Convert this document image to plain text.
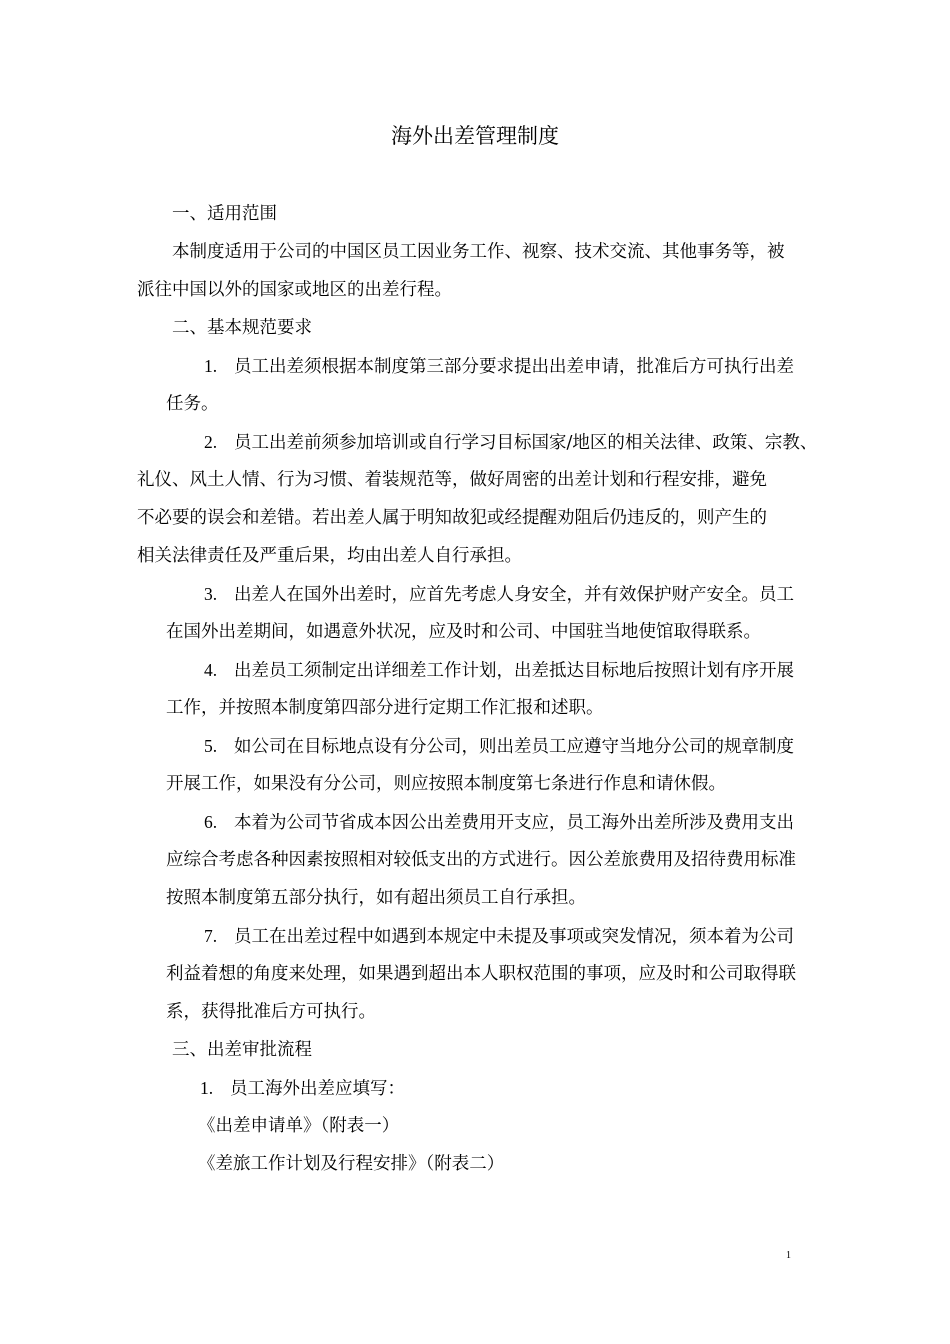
海外出差管理制度
一、适用范围
本制度适用于公司的中国区员工因业务工作、视察、技术交流、其他事务等，被
派往中国以外的国家或地区的出差行程。
二、基本规范要求
1. 员工出差须根据本制度第三部分要求提出出差申请，批准后方可执行出差
任务。
2. 员工出差前须参加培训或自行学习目标国家/地区的相关法律、政策、宗教、
礼仪、风土人情、行为习惯、着装规范等，做好周密的出差计划和行程安排，避免
不必要的误会和差错。若出差人属于明知故犯或经提醒劝阻后仍违反的，则产生的
相关法律责任及严重后果，均由出差人自行承担。
3. 出差人在国外出差时，应首先考虑人身安全，并有效保护财产安全。员工
在国外出差期间，如遇意外状况，应及时和公司、中国驻当地使馆取得联系。
4. 出差员工须制定出详细差工作计划，出差抵达目标地后按照计划有序开展
工作，并按照本制度第四部分进行定期工作汇报和述职。
5. 如公司在目标地点设有分公司，则出差员工应遵守当地分公司的规章制度
开展工作，如果没有分公司，则应按照本制度第七条进行作息和请休假。
6. 本着为公司节省成本因公出差费用开支应，员工海外出差所涉及费用支出
应综合考虑各种因素按照相对较低支出的方式进行。因公差旅费用及招待费用标准
按照本制度第五部分执行，如有超出须员工自行承担。
7. 员工在出差过程中如遇到本规定中未提及事项或突发情况，须本着为公司
利益着想的角度来处理，如果遇到超出本人职权范围的事项，应及时和公司取得联
系，获得批准后方可执行。
三、出差审批流程
1. 员工海外出差应填写：
《出差申请单》（附表一）
《差旅工作计划及行程安排》（附表二）
1
